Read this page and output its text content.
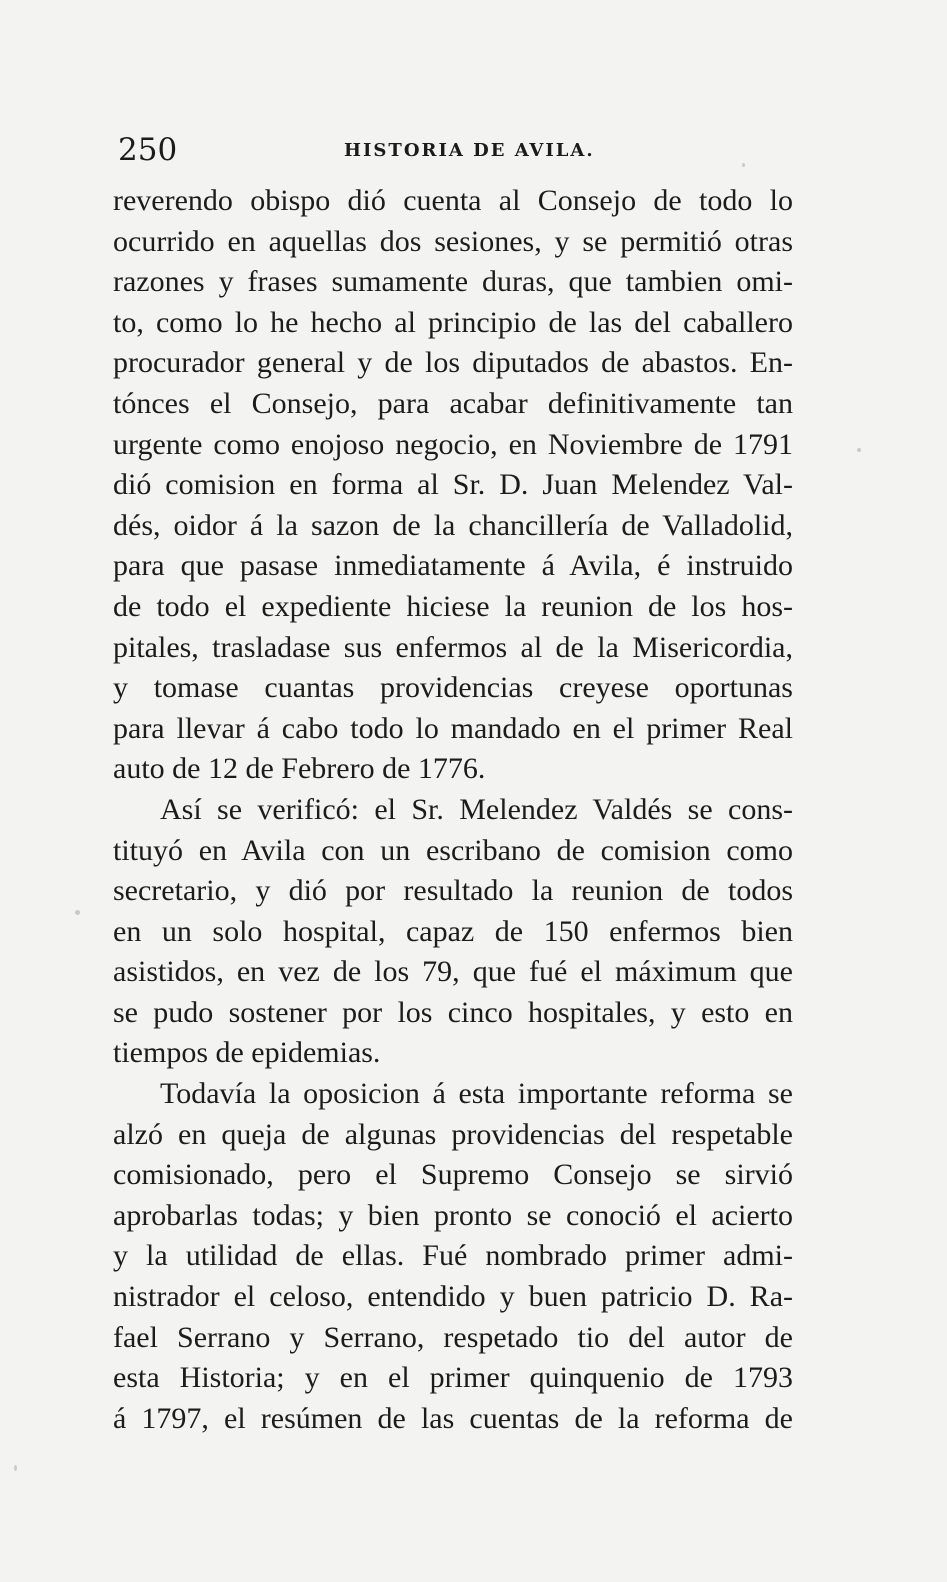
250	HISTORIA DE AVILA.
reverendo obispo dió cuenta al Consejo de todo lo
ocurrido en aquellas dos sesiones, y se permitió otras
razones y frases sumamente duras, que tambien omi-
to, como lo he hecho al principio de las del caballero
procurador general y de los diputados de abastos. En-
tónces el Consejo, para acabar definitivamente tan
urgente como enojoso negocio, en Noviembre de 1791
dió comision en forma al Sr. D. Juan Melendez Val-
dés, oidor á la sazon de la chancillería de Valladolid,
para que pasase inmediatamente á Avila, é instruido
de todo el expediente hiciese la reunion de los hos-
pitales, trasladase sus enfermos al de la Misericordia,
y tomase cuantas providencias creyese oportunas
para llevar á cabo todo lo mandado en el primer Real
auto de 12 de Febrero de 1776.
Así se verificó: el Sr. Melendez Valdés se cons-
tituyó en Avila con un escribano de comision como
secretario, y dió por resultado la reunion de todos
en un solo hospital, capaz de 150 enfermos bien
asistidos, en vez de los 79, que fué el máximum que
se pudo sostener por los cinco hospitales, y esto en
tiempos de epidemias.
Todavía la oposicion á esta importante reforma se
alzó en queja de algunas providencias del respetable
comisionado, pero el Supremo Consejo se sirvió
aprobarlas todas; y bien pronto se conoció el acierto
y la utilidad de ellas. Fué nombrado primer admi-
nistrador el celoso, entendido y buen patricio D. Ra-
fael Serrano y Serrano, respetado tio del autor de
esta Historia; y en el primer quinquenio de 1793
á 1797, el resúmen de las cuentas de la reforma de
